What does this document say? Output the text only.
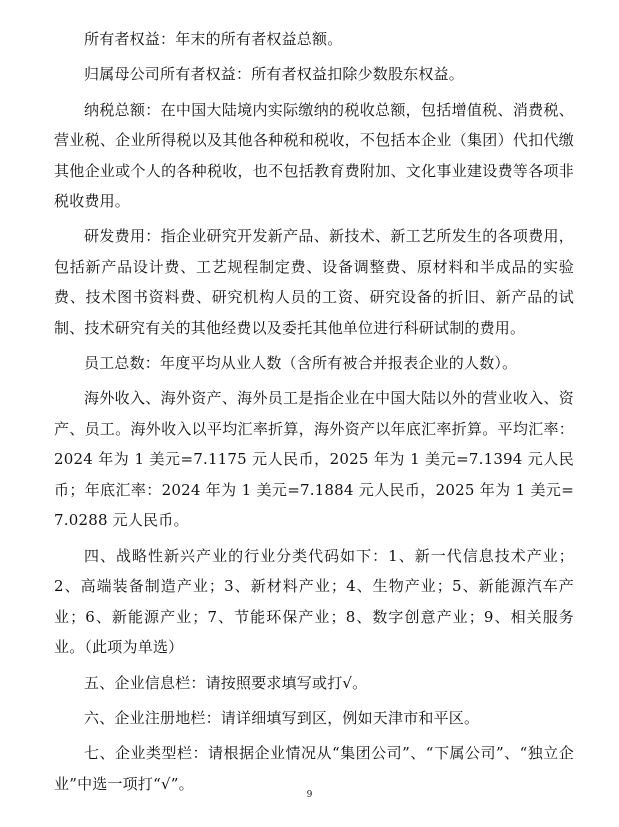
所有者权益：年末的所有者权益总额。

归属母公司所有者权益：所有者权益扣除少数股东权益。

纳税总额：在中国大陆境内实际缴纳的税收总额，包括增值税、消费税、营业税、企业所得税以及其他各种税和税收，不包括本企业（集团）代扣代缴其他企业或个人的各种税收，也不包括教育费附加、文化事业建设费等各项非税收费用。

研发费用：指企业研究开发新产品、新技术、新工艺所发生的各项费用，包括新产品设计费、工艺规程制定费、设备调整费、原材料和半成品的实验费、技术图书资料费、研究机构人员的工资、研究设备的折旧、新产品的试制、技术研究有关的其他经费以及委托其他单位进行科研试制的费用。

员工总数：年度平均从业人数（含所有被合并报表企业的人数）。

海外收入、海外资产、海外员工是指企业在中国大陆以外的营业收入、资产、员工。海外收入以平均汇率折算，海外资产以年底汇率折算。平均汇率：2024 年为 1 美元=7.1175 元人民币，2025 年为 1 美元=7.1394 元人民币；年底汇率：2024 年为 1 美元=7.1884 元人民币，2025 年为 1 美元=7.0288 元人民币。

四、战略性新兴产业的行业分类代码如下：1、新一代信息技术产业；2、高端装备制造产业；3、新材料产业；4、生物产业；5、新能源汽车产业；6、新能源产业；7、节能环保产业；8、数字创意产业；9、相关服务业。（此项为单选）

五、企业信息栏：请按照要求填写或打√。

六、企业注册地栏：请详细填写到区，例如天津市和平区。

七、企业类型栏：请根据企业情况从“集团公司”、“下属公司”、“独立企业”中选一项打“√”。

9
